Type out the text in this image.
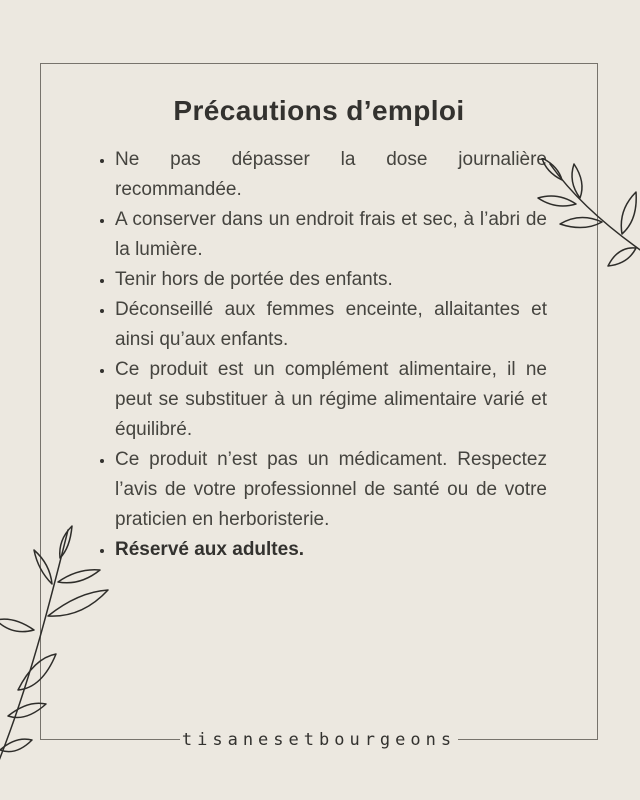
Précautions d’emploi
• Ne pas dépasser la dose journalière recommandée.
• A conserver dans un endroit frais et sec, à l’abri de la lumière.
• Tenir hors de portée des enfants.
• Déconseillé aux femmes enceinte, allaitantes et ainsi qu’aux enfants.
• Ce produit est un complément alimentaire, il ne peut se substituer à un régime alimentaire varié et équilibré.
• Ce produit n’est pas un médicament. Respectez l’avis de votre professionnel de santé ou de votre praticien en herboristerie.
• Réservé aux adultes.
tisanesetbourgeons
